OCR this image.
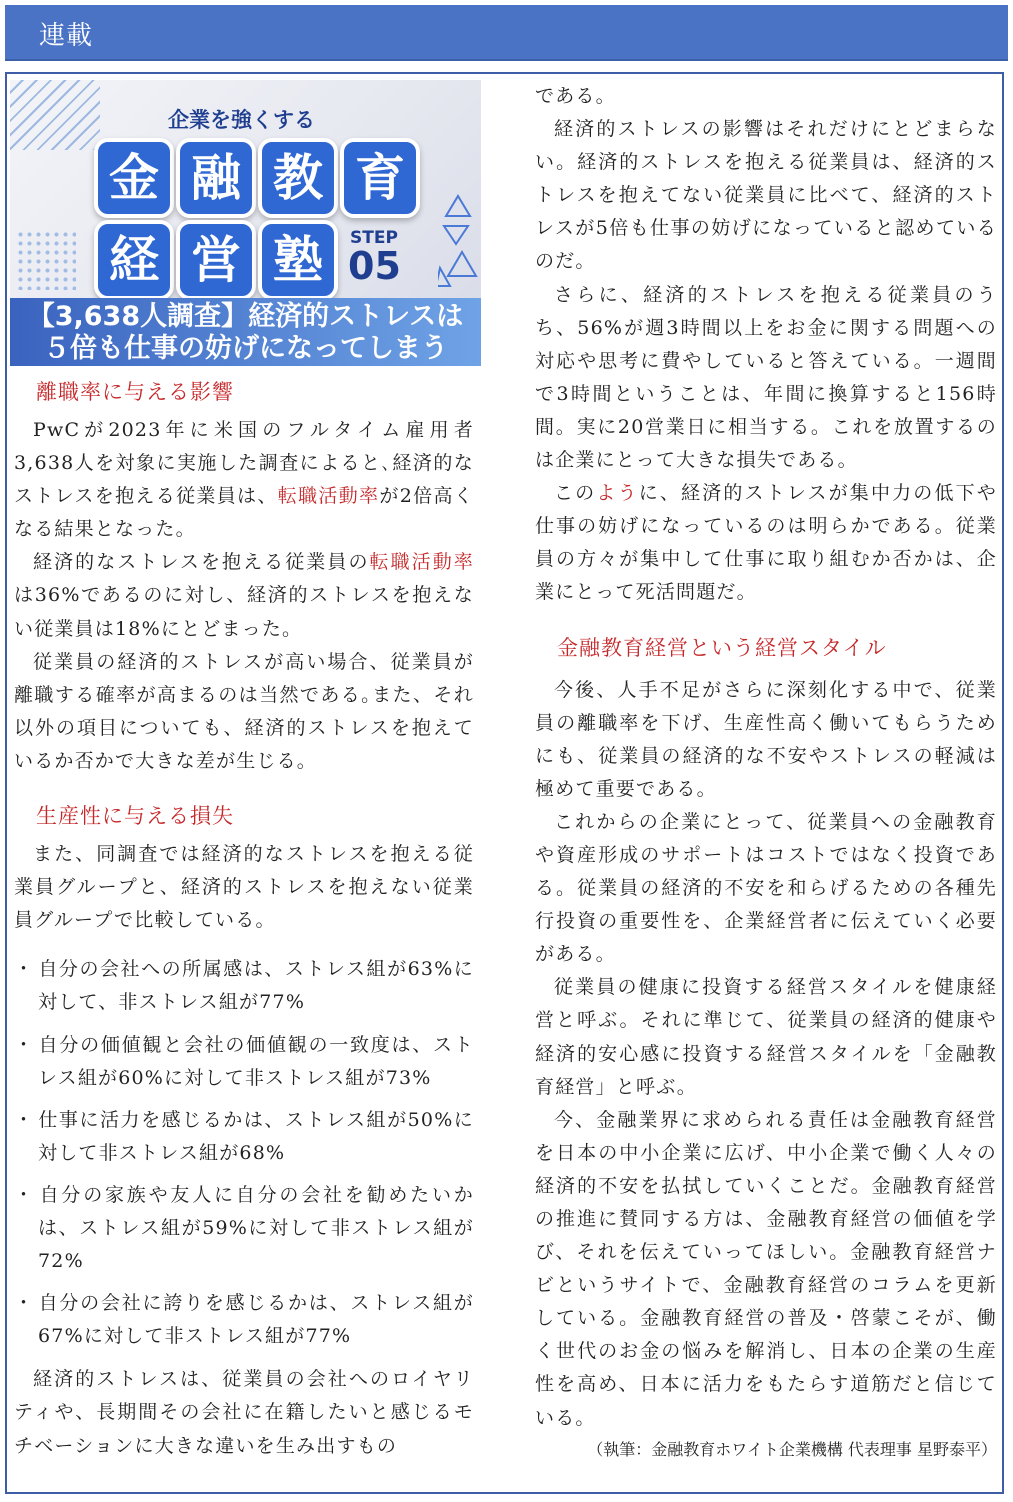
連載
企業を強くする
金 融 教 育
経 営 塾	STEP
05
【3,638人調査】経済的ストレスは
５倍も仕事の妨げになってしまう
離職率に与える影響

PwCが2023年に米国のフルタイム雇用者3,638人を対象に実施した調査によると､経済的なストレスを抱える従業員は、転職活動率が2倍高くなる結果となった。

経済的なストレスを抱える従業員の転職活動率は36%であるのに対し、経済的ストレスを抱えない従業員は18%にとどまった。

従業員の経済的ストレスが高い場合、従業員が離職する確率が高まるのは当然である｡また、それ以外の項目についても、経済的ストレスを抱えているか否かで大きな差が生じる。

生産性に与える損失

また、同調査では経済的なストレスを抱える従業員グループと、経済的ストレスを抱えない従業員グループで比較している。

・ 自分の会社への所属感は、ストレス組が63%に対して、非ストレス組が77%
・ 自分の価値観と会社の価値観の一致度は、ストレス組が60%に対して非ストレス組が73%
・ 仕事に活力を感じるかは、ストレス組が50%に対して非ストレス組が68%
・ 自分の家族や友人に自分の会社を勧めたいかは、ストレス組が59%に対して非ストレス組が72%
・ 自分の会社に誇りを感じるかは、ストレス組が67%に対して非ストレス組が77%

経済的ストレスは、従業員の会社へのロイヤリティや、長期間その会社に在籍したいと感じるモチベーションに大きな違いを生み出すもの

である。

経済的ストレスの影響はそれだけにとどまらない。経済的ストレスを抱える従業員は、経済的ストレスを抱えてない従業員に比べて、経済的ストレスが5倍も仕事の妨げになっていると認めているのだ。

さらに、経済的ストレスを抱える従業員のうち、56%が週3時間以上をお金に関する問題への対応や思考に費やしていると答えている。一週間で3時間ということは、年間に換算すると156時間。実に20営業日に相当する。これを放置するのは企業にとって大きな損失である。

このように、経済的ストレスが集中力の低下や仕事の妨げになっているのは明らかである。従業員の方々が集中して仕事に取り組むか否かは、企業にとって死活問題だ。

金融教育経営という経営スタイル

今後、人手不足がさらに深刻化する中で、従業員の離職率を下げ、生産性高く働いてもらうためにも、従業員の経済的な不安やストレスの軽減は極めて重要である。

これからの企業にとって、従業員への金融教育や資産形成のサポートはコストではなく投資である。従業員の経済的不安を和らげるための各種先行投資の重要性を、企業経営者に伝えていく必要がある。

従業員の健康に投資する経営スタイルを健康経営と呼ぶ。それに準じて、従業員の経済的健康や経済的安心感に投資する経営スタイルを「金融教育経営」と呼ぶ。

今、金融業界に求められる責任は金融教育経営を日本の中小企業に広げ、中小企業で働く人々の経済的不安を払拭していくことだ。金融教育経営の推進に賛同する方は、金融教育経営の価値を学び、それを伝えていってほしい。金融教育経営ナビというサイトで、金融教育経営のコラムを更新している。金融教育経営の普及・啓蒙こそが、働く世代のお金の悩みを解消し、日本の企業の生産性を高め、日本に活力をもたらす道筋だと信じている。

（執筆：金融教育ホワイト企業機構 代表理事 星野泰平）
